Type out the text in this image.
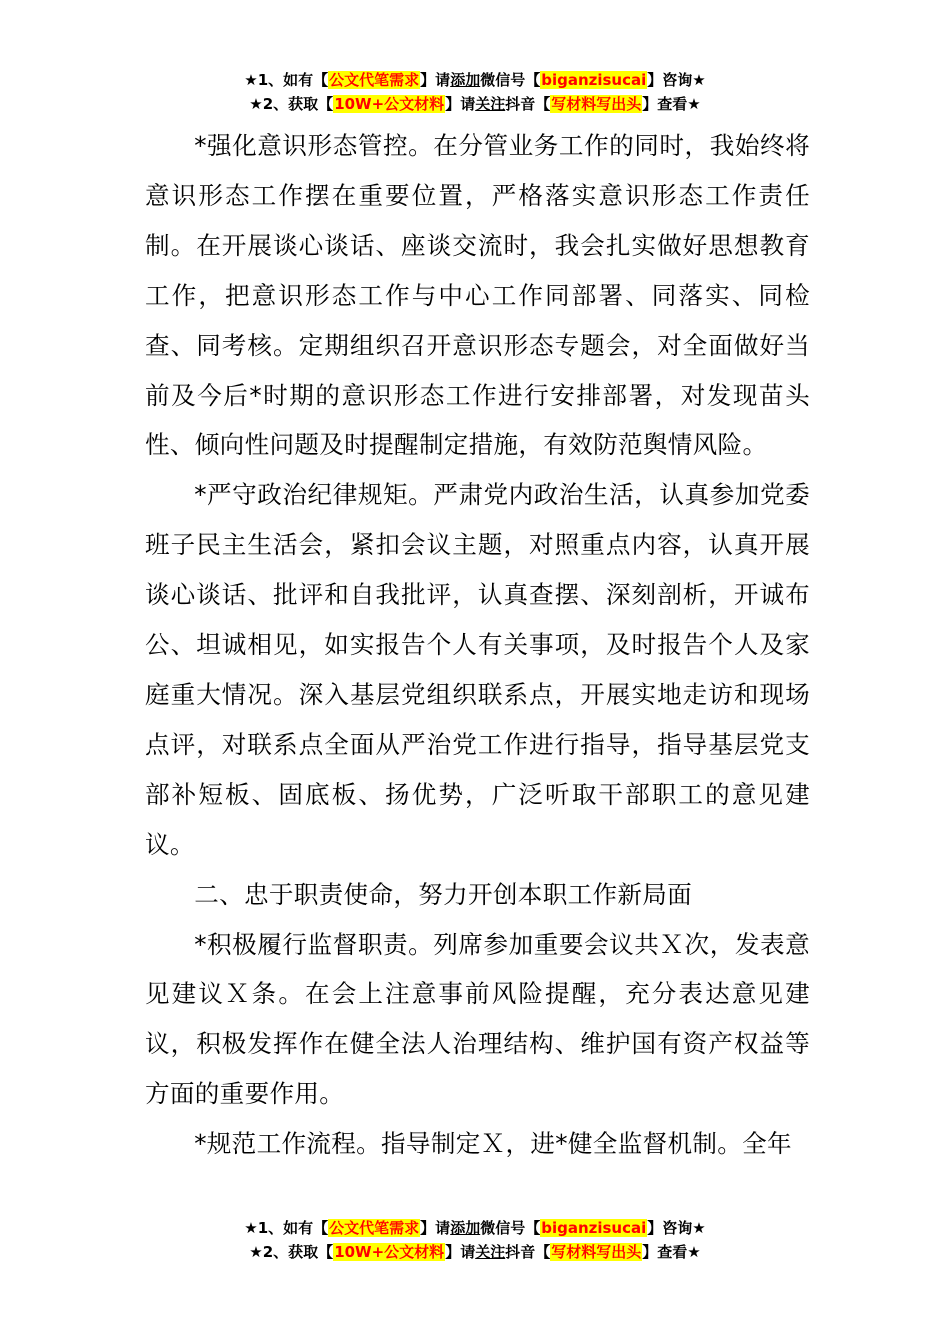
★1、如有【公文代笔需求】请添加微信号【biganzisucai】咨询★
★2、获取【10W+公文材料】请关注抖音【写材料写出头】查看★

*强化意识形态管控。在分管业务工作的同时，我始终将意识形态工作摆在重要位置，严格落实意识形态工作责任制。在开展谈心谈话、座谈交流时，我会扎实做好思想教育工作，把意识形态工作与中心工作同部署、同落实、同检查、同考核。定期组织召开意识形态专题会，对全面做好当前及今后*时期的意识形态工作进行安排部署，对发现苗头性、倾向性问题及时提醒制定措施，有效防范舆情风险。

*严守政治纪律规矩。严肃党内政治生活，认真参加党委班子民主生活会，紧扣会议主题，对照重点内容，认真开展谈心谈话、批评和自我批评，认真查摆、深刻剖析，开诚布公、坦诚相见，如实报告个人有关事项，及时报告个人及家庭重大情况。深入基层党组织联系点，开展实地走访和现场点评，对联系点全面从严治党工作进行指导，指导基层党支部补短板、固底板、扬优势，广泛听取干部职工的意见建议。

二、忠于职责使命，努力开创本职工作新局面

*积极履行监督职责。列席参加重要会议共Ｘ次，发表意见建议Ｘ条。在会上注意事前风险提醒，充分表达意见建议，积极发挥作在健全法人治理结构、维护国有资产权益等方面的重要作用。

*规范工作流程。指导制定Ｘ，进*健全监督机制。全年

★1、如有【公文代笔需求】请添加微信号【biganzisucai】咨询★
★2、获取【10W+公文材料】请关注抖音【写材料写出头】查看★
